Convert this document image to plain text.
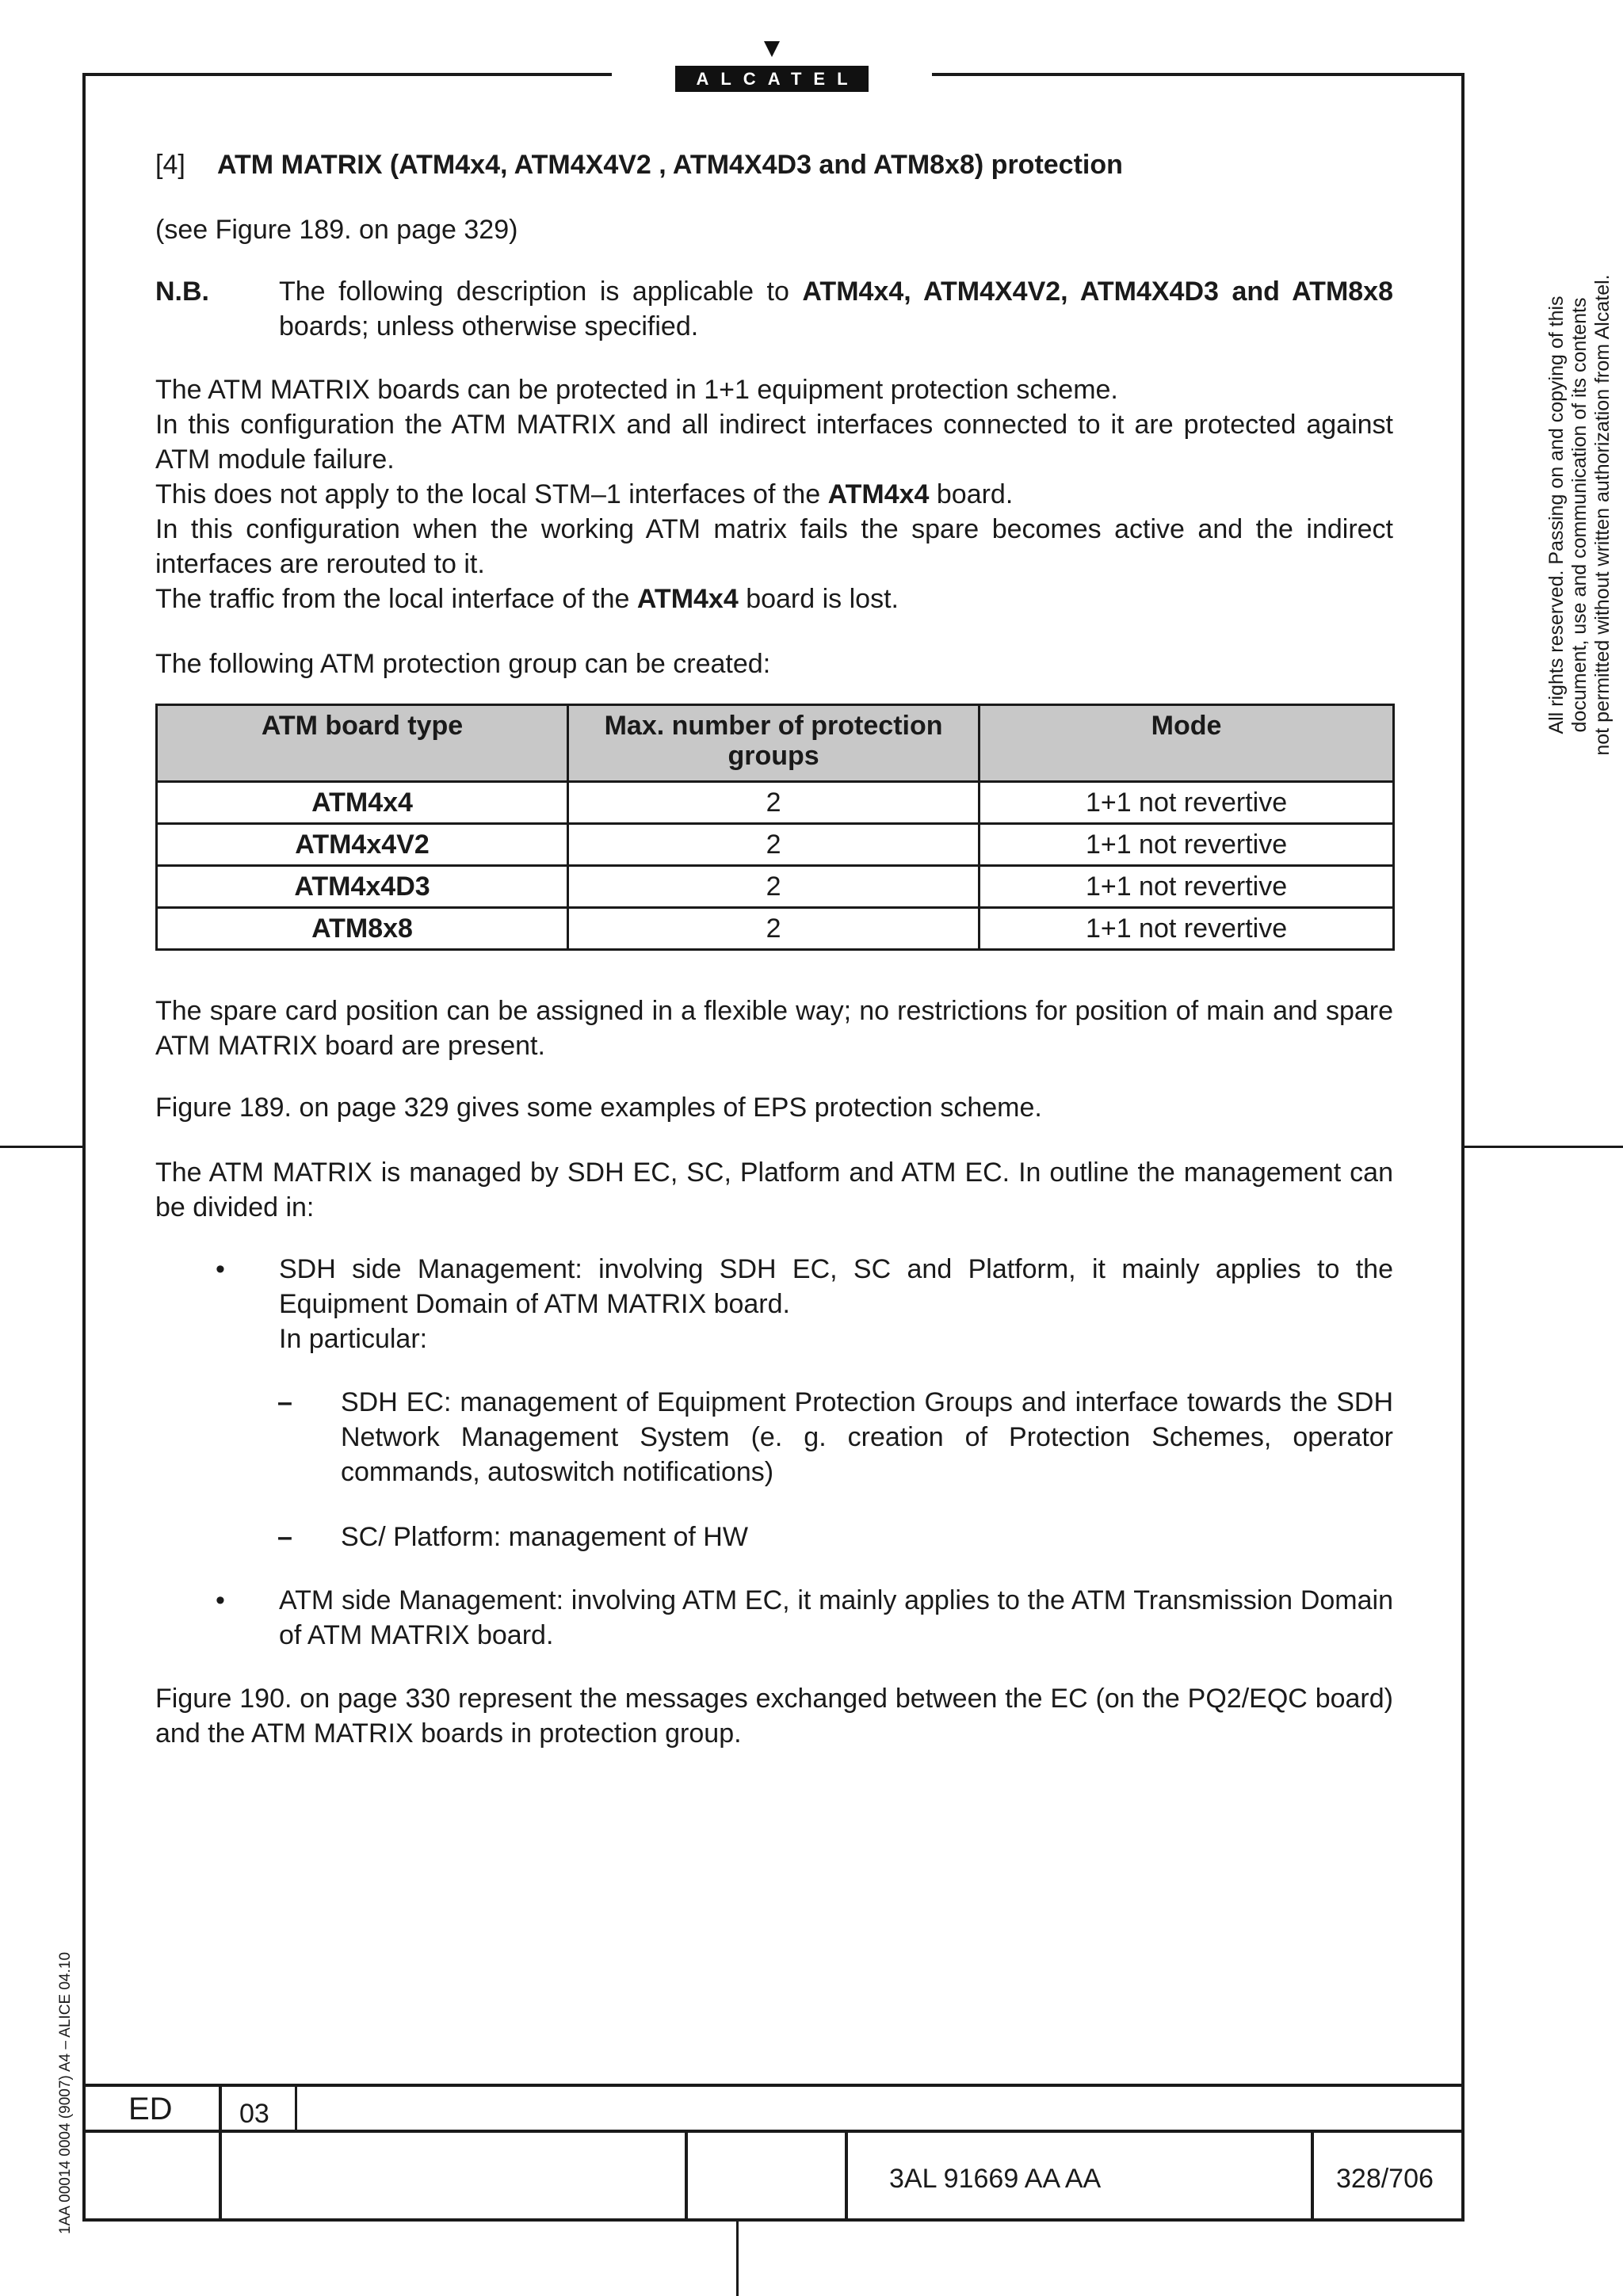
ALCATEL
[4] ATM MATRIX (ATM4x4, ATM4X4V2 , ATM4X4D3 and ATM8x8) protection

(see Figure 189. on page 329)

N.B.	The following description is applicable to ATM4x4, ATM4X4V2, ATM4X4D3 and ATM8x8 boards; unless otherwise specified.

The ATM MATRIX boards can be protected in 1+1 equipment protection scheme.
In this configuration the ATM MATRIX and all indirect interfaces connected to it are protected against ATM module failure.
This does not apply to the local STM–1 interfaces of the ATM4x4 board.
In this configuration when the working ATM matrix fails the spare becomes active and the indirect interfaces are rerouted to it.
The traffic from the local interface of the ATM4x4 board is lost.

The following ATM protection group can be created:

ATM board type	Max. number of protection groups	Mode
ATM4x4	2	1+1 not revertive
ATM4x4V2	2	1+1 not revertive
ATM4x4D3	2	1+1 not revertive
ATM8x8	2	1+1 not revertive

The spare card position can be assigned in a flexible way; no restrictions for position of main and spare ATM MATRIX board are present.

Figure 189. on page 329 gives some examples of EPS protection scheme.

The ATM MATRIX is managed by SDH EC, SC, Platform and ATM EC. In outline the management can be divided in:

• SDH side Management: involving SDH EC, SC and Platform, it mainly applies to the Equipment Domain of ATM MATRIX board.
In particular:
– SDH EC: management of Equipment Protection Groups and interface towards the SDH Network Management System (e. g. creation of Protection Schemes, operator commands, autoswitch notifications)

– SC/ Platform: management of HW

• ATM side Management: involving ATM EC, it mainly applies to the ATM Transmission Domain of ATM MATRIX board.

Figure 190. on page 330 represent the messages exchanged between the EC (on the PQ2/EQC board) and the ATM MATRIX boards in protection group.

All rights reserved. Passing on and copying of this document, use and communication of its contents not permitted without written authorization from Alcatel.
1AA 00014 0004 (9007) A4 – ALICE 04.10 ED 03
3AL 91669 AA AA	328/706
